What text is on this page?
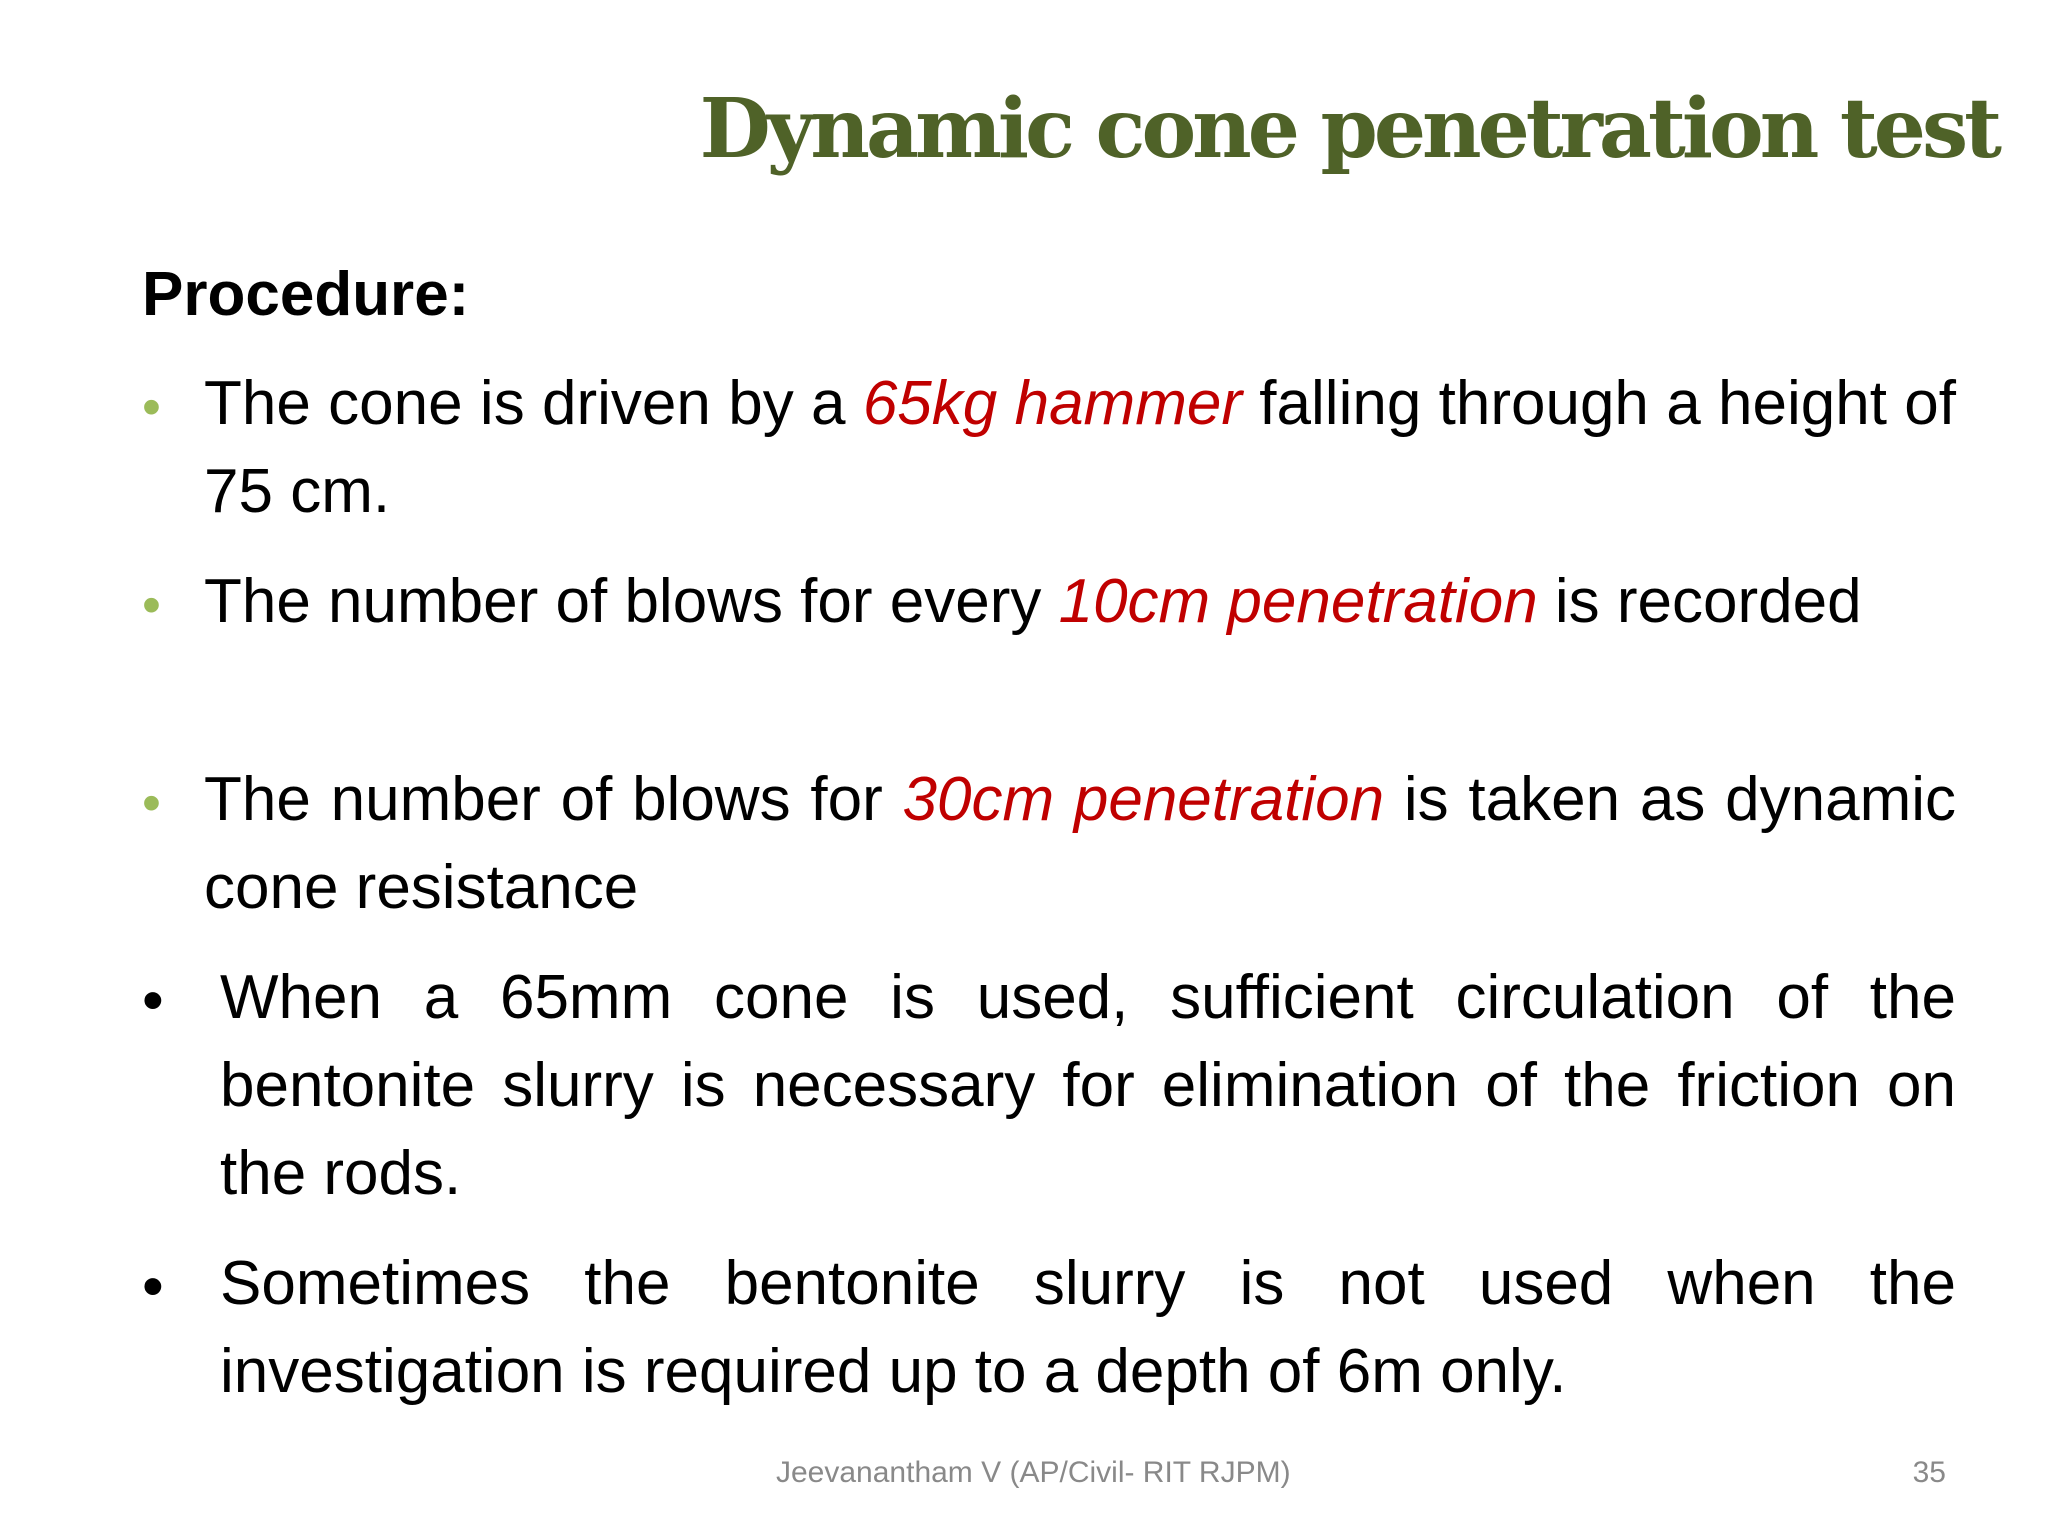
Dynamic cone penetration test
Procedure:
• The cone is driven by a 65kg hammer falling through a height of 75 cm.
• The number of blows for every 10cm penetration is recorded
• The number of blows for 30cm penetration is taken as dynamic cone resistance
• When a 65mm cone is used, sufficient circulation of the bentonite slurry is necessary for elimination of the friction on the rods.
• Sometimes the bentonite slurry is not used when the investigation is required up to a depth of 6m only.
Jeevanantham V (AP/Civil- RIT RJPM)	35
